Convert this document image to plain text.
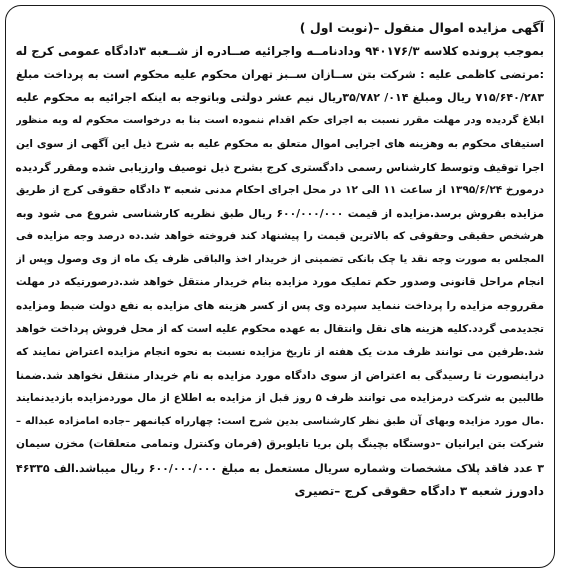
آگهی مزایده اموال منقول –(نوبت اول )
بموجب پرونده کلاسه ۹۴۰۱۷۶/۳ ودادنامــه واجرائیه صــادره از شــعبه ۳دادگاه عمومی کرج له
:مرتضی کاظمی علیه : شرکت بتن ســازان ســبز تهران محکوم علیه محکوم است به پرداخت مبلغ
۷۱۵/۶۴۰/۲۸۳ ریال ومبلغ ۰۱۴/ ۳۵/۷۸۲ریال نیم عشر دولتی وباتوجه به اینکه اجرائیه به محکوم علیه
ابلاغ گردیده ودر مهلت مقرر نسبت به اجرای حکم اقدام ننموده است بنا به درخواست محکوم له وبه منظور
استیفای محکوم به وهزینه های اجرایی اموال متعلق به محکوم علیه به شرح ذیل این آگهی از سوی این
اجرا توقیف وتوسط کارشناس رسمی دادگستری کرج بشرح ذیل توصیف وارزیابی شده ومقرر گردیده
درمورخ ۱۳۹۵/۶/۲۴ از ساعت ۱۱ الی ۱۲ در محل اجرای احکام مدنی شعبه ۳ دادگاه حقوقی کرج از طریق
مزایده بفروش برسد.مزایده از قیمت ۶۰۰/۰۰۰/۰۰۰ ریال طبق نظریه کارشناسی شروع می شود وبه
هرشخص حقیقی وحقوقی که بالاترین قیمت را پیشنهاد کند فروخته خواهد شد.ده درصد وجه مزایده فی
المجلس به صورت وجه نقد یا چک بانکی تضمینی از خریدار اخذ والباقی ظرف یک ماه از وی وصول وپس از
انجام مراحل قانونی وصدور حکم تملیک مورد مزایده بنام خریدار منتقل خواهد شد.درصورتیکه در مهلت
مقرروجه مزایده را پرداخت ننماید سپرده وی پس از کسر هزینه های مزایده به نفع دولت ضبط ومزایده
تجدیدمی گردد.کلیه هزینه های نقل وانتقال به عهده محکوم علیه است که از محل فروش پرداخت خواهد
شد.طرفین می توانند ظرف مدت یک هفته از تاریخ مزایده نسبت به نحوه انجام مزایده اعتراض نمایند که
دراینصورت تا رسیدگی به اعتراض از سوی دادگاه مورد مزایده به نام خریدار منتقل نخواهد شد.ضمنا
طالبین به شرکت درمزایده می توانند ظرف ۵ روز قبل از مزایده به اطلاع از مال موردمزایده بازدیدنمایند
.مال مورد مزایده وبهای آن طبق نظر کارشناسی بدین شرح است: چهارراه کیانمهر –جاده امامزاده عبداله –
شرکت بتن ایرانیان –دوستگاه بچینگ پلن بریا تایلوبرق (فرمان وکنترل وتمامی متعلقات) مخزن سیمان
۳ عدد فاقد پلاک مشخصات وشماره سریال مستعمل به مبلغ ۶۰۰/۰۰۰/۰۰۰ ریال میباشد.الف ۴۶۳۳۵
دادورز شعبه ۳ دادگاه حقوقی کرج –تصیری
